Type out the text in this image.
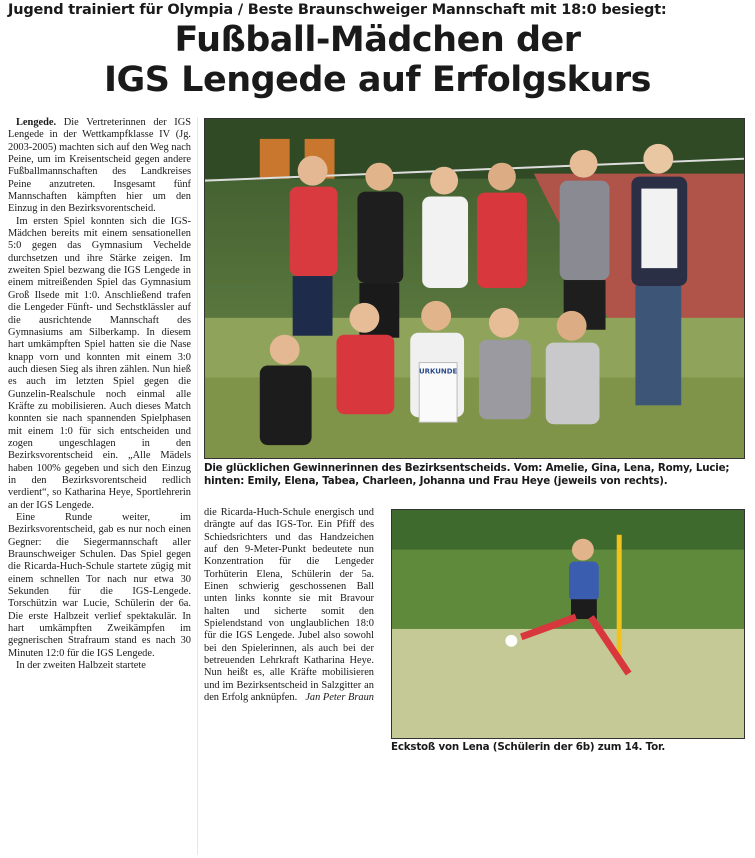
Jugend trainiert für Olympia / Beste Braunschweiger Mannschaft mit 18:0 besiegt:
Fußball-Mädchen der
IGS Lengede auf Erfolgskurs

Lengede. Die Vertreterinnen der IGS Lengede in der Wettkampfklasse IV (Jg. 2003-2005) machten sich auf den Weg nach Peine, um im Kreisentscheid gegen andere Fußballmannschaften des Landkreises Peine anzutreten. Insgesamt fünf Mannschaften kämpften hier um den Einzug in den Bezirksvorentscheid.

Im ersten Spiel konnten sich die IGS-Mädchen bereits mit einem sensationellen 5:0 gegen das Gymnasium Vechelde durchsetzen und ihre Stärke zeigen. Im zweiten Spiel bezwang die IGS Lengede in einem mitreißenden Spiel das Gymnasium Groß Ilsede mit 1:0. Anschließend trafen die Lengeder Fünft- und Sechstklässler auf die ausrichtende Mannschaft des Gymnasiums am Silberkamp. In diesem hart umkämpften Spiel hatten sie die Nase knapp vorn und konnten mit einem 3:0 auch diesen Sieg als ihren zählen. Nun hieß es auch im letzten Spiel gegen die Gunzelin-Realschule noch einmal alle Kräfte zu mobilisieren. Auch dieses Match konnten sie nach spannenden Spielphasen mit einem 1:0 für sich entscheiden und zogen ungeschlagen in den Bezirksvorentscheid ein. „Alle Mädels haben 100% gegeben und sich den Einzug in den Bezirksvorentscheid redlich verdient“, so Katharina Heye, Sportlehrerin an der IGS Lengede.

Eine Runde weiter, im Bezirksvorentscheid, gab es nur noch einen Gegner: die Siegermannschaft aller Braunschweiger Schulen. Das Spiel gegen die Ricarda-Huch-Schule startete zügig mit einem schnellen Tor nach nur etwa 30 Sekunden für die IGS-Lengede. Torschützin war Lucie, Schülerin der 6a. Die erste Halbzeit verlief spektakulär. In hart umkämpften Zweikämpfen im gegnerischen Strafraum stand es nach 30 Minuten 12:0 für die IGS Lengede.

In der zweiten Halbzeit startete

die Ricarda-Huch-Schule energisch und drängte auf das IGS-Tor. Ein Pfiff des Schiedsrichters und das Handzeichen auf den 9-Meter-Punkt bedeutete nun Konzentration für die Lengeder Torhüterin Elena, Schülerin der 5a. Einen schwierig geschossenen Ball unten links konnte sie mit Bravour halten und sicherte somit den Spielendstand von unglaublichen 18:0 für die IGS Lengede. Jubel also sowohl bei den Spielerinnen, als auch bei der betreuenden Lehrkraft Katharina Heye. Nun heißt es, alle Kräfte mobilisieren und im Bezirksentscheid in Salzgitter an den Erfolg anknüpfen. Jan Peter Braun

URKUNDE
Die glücklichen Gewinnerinnen des Bezirksentscheids. Vom: Amelie, Gina, Lena, Romy, Lucie; hinten: Emily, Elena, Tabea, Charleen, Johanna und Frau Heye (jeweils von rechts).
Eckstoß von Lena (Schülerin der 6b) zum 14. Tor.
